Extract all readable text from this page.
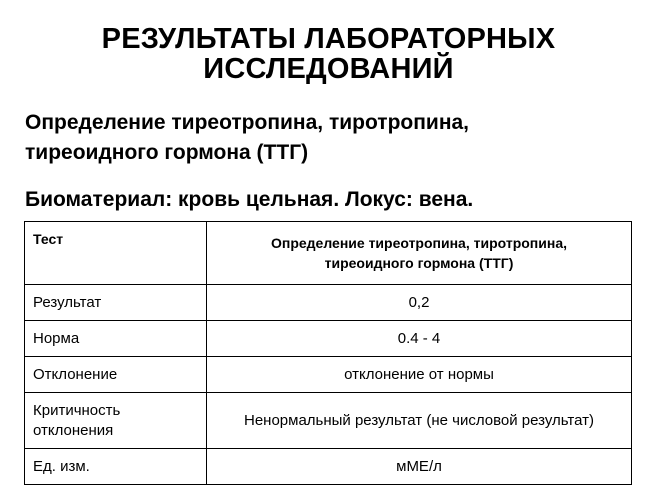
РЕЗУЛЬТАТЫ ЛАБОРАТОРНЫХ
ИССЛЕДОВАНИЙ
Определение тиреотропина, тиротропина,
тиреоидного гормона (ТТГ)
Биоматериал: кровь цельная. Локус: вена.
Тест	Определение тиреотропина, тиротропина,
тиреоидного гормона (ТТГ)

Результат	0,2
Норма	0.4 - 4
Отклонение	отклонение от нормы

Критичность
отклонения	Ненормальный результат (не числовой результат)
Ед. изм.	мМЕ/л
